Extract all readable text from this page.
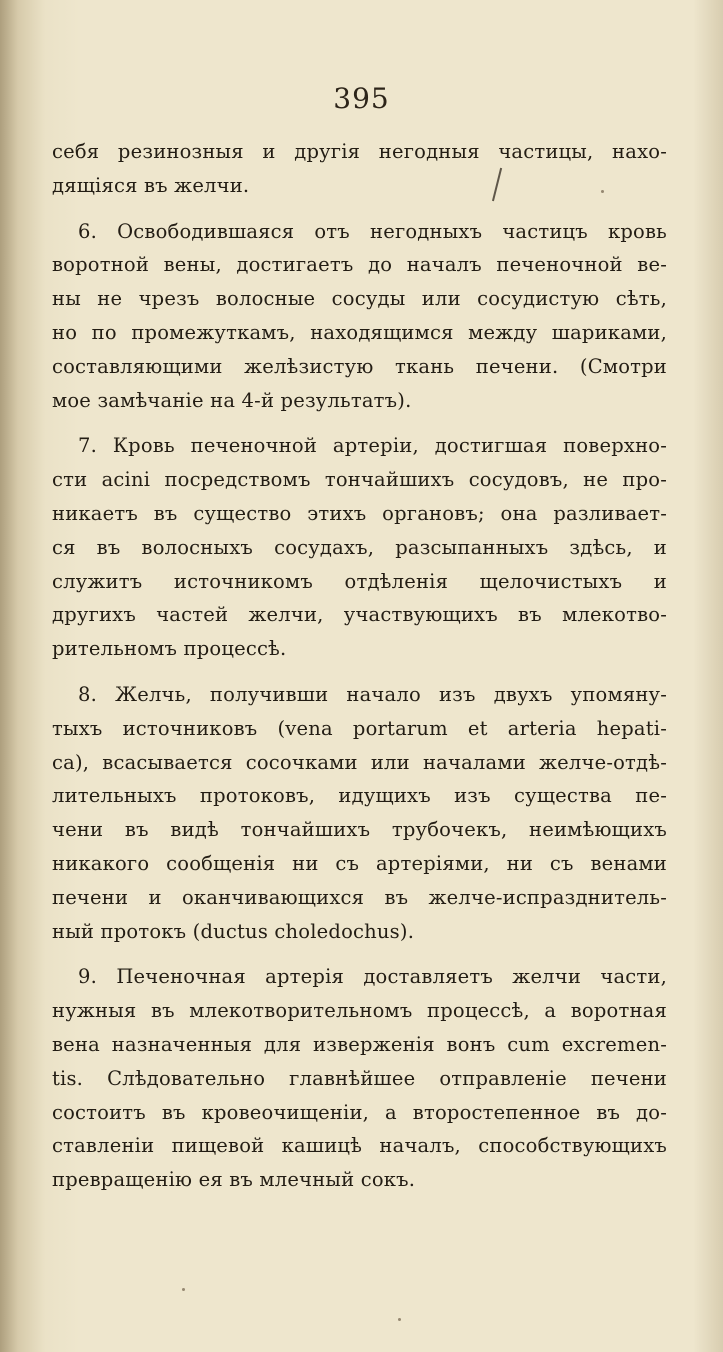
395
себя резинозныя и другія негодныя частицы, нахо-
дящіяся въ желчи.
6. Освободившаяся отъ негодныхъ частицъ кровь
воротной вены, достигаетъ до началъ печеночной ве-
ны не чрезъ волосные сосуды или сосудистую сѣть,
но по промежуткамъ, находящимся между шариками,
составляющими желѣзистую ткань печени. (Смотри
мое замѣчаніе на 4-й результатъ).
7. Кровь печеночной артеріи, достигшая поверхно-
сти acini посредствомъ тончайшихъ сосудовъ, не про-
никаетъ въ существо этихъ органовъ; она разливает-
ся въ волосныхъ сосудахъ, разсыпанныхъ здѣсь, и
служитъ источникомъ отдѣленія щелочистыхъ и
другихъ частей желчи, участвующихъ въ млекотво-
рительномъ процессѣ.
8. Желчь, получивши начало изъ двухъ упомяну-
тыхъ источниковъ (vena portarum et arteria hepati-
ca), всасывается сосочками или началами желче-отдѣ-
лительныхъ протоковъ, идущихъ изъ существа пе-
чени въ видѣ тончайшихъ трубочекъ, неимѣющихъ
никакого сообщенія ни съ артеріями, ни съ венами
печени и оканчивающихся въ желче-испразднитель-
ный протокъ (ductus choledochus).
9. Печеночная артерія доставляетъ желчи части,
нужныя въ млекотворительномъ процессѣ, а воротная
вена назначенныя для изверженія вонъ cum excremen-
tis. Слѣдовательно главнѣйшее отправленіе печени
состоитъ въ кровеочищеніи, а второстепенное въ до-
ставленіи пищевой кашицѣ началъ, способствующихъ
превращенію ея въ млечный сокъ.
